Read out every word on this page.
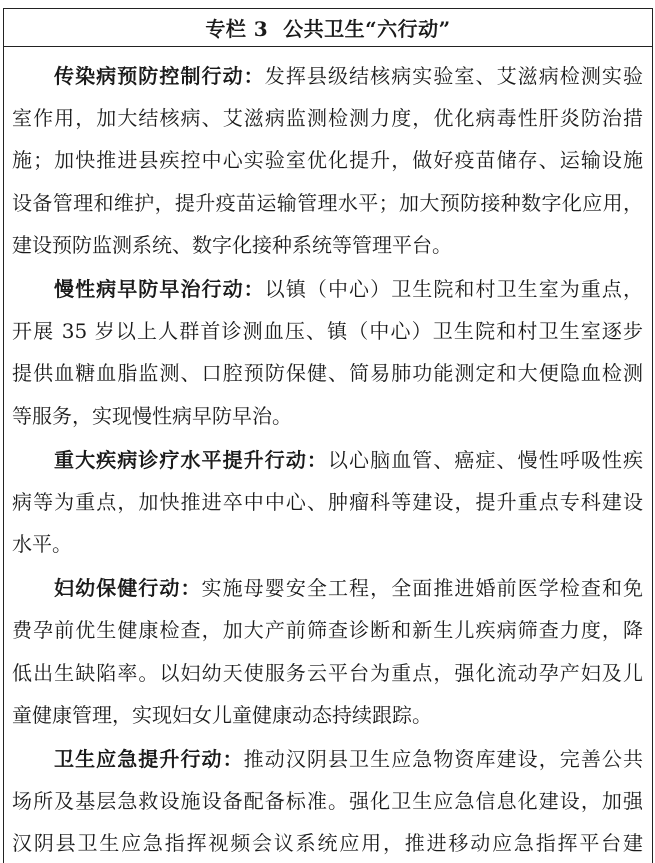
专栏 3  公共卫生“六行动”
传染病预防控制行动：发挥县级结核病实验室、艾滋病检测实验
室作用，加大结核病、艾滋病监测检测力度，优化病毒性肝炎防治措
施；加快推进县疾控中心实验室优化提升，做好疫苗储存、运输设施
设备管理和维护，提升疫苗运输管理水平；加大预防接种数字化应用，
建设预防监测系统、数字化接种系统等管理平台。
慢性病早防早治行动：以镇（中心）卫生院和村卫生室为重点，
开展 35 岁以上人群首诊测血压、镇（中心）卫生院和村卫生室逐步
提供血糖血脂监测、口腔预防保健、简易肺功能测定和大便隐血检测
等服务，实现慢性病早防早治。
重大疾病诊疗水平提升行动：以心脑血管、癌症、慢性呼吸性疾
病等为重点，加快推进卒中中心、肿瘤科等建设，提升重点专科建设
水平。
妇幼保健行动：实施母婴安全工程，全面推进婚前医学检查和免
费孕前优生健康检查，加大产前筛查诊断和新生儿疾病筛查力度，降
低出生缺陷率。以妇幼天使服务云平台为重点，强化流动孕产妇及儿
童健康管理，实现妇女儿童健康动态持续跟踪。
卫生应急提升行动：推动汉阴县卫生应急物资库建设，完善公共
场所及基层急救设施设备配备标准。强化卫生应急信息化建设，加强
汉阴县卫生应急指挥视频会议系统应用，推进移动应急指挥平台建
